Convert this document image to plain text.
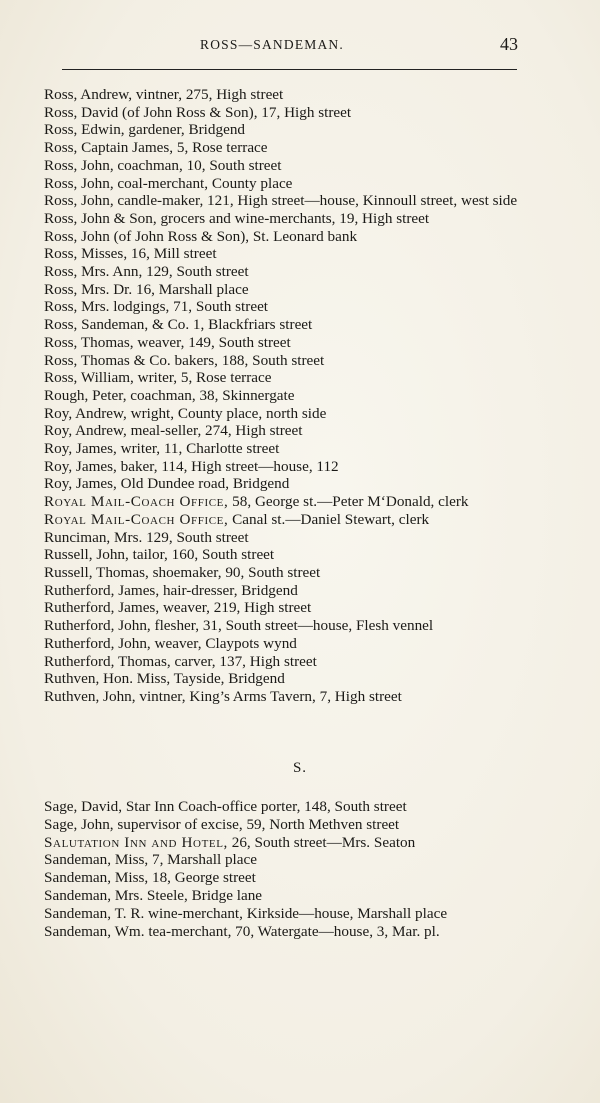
ROSS—SANDEMAN.	43
Ross, Andrew, vintner, 275, High street
Ross, David (of John Ross & Son), 17, High street
Ross, Edwin, gardener, Bridgend
Ross, Captain James, 5, Rose terrace
Ross, John, coachman, 10, South street
Ross, John, coal-merchant, County place
Ross, John, candle-maker, 121, High street—house, Kinnoull street, west side
Ross, John & Son, grocers and wine-merchants, 19, High street
Ross, John (of John Ross & Son), St. Leonard bank
Ross, Misses, 16, Mill street
Ross, Mrs. Ann, 129, South street
Ross, Mrs. Dr. 16, Marshall place
Ross, Mrs. lodgings, 71, South street
Ross, Sandeman, & Co. 1, Blackfriars street
Ross, Thomas, weaver, 149, South street
Ross, Thomas & Co. bakers, 188, South street
Ross, William, writer, 5, Rose terrace
Rough, Peter, coachman, 38, Skinnergate
Roy, Andrew, wright, County place, north side
Roy, Andrew, meal-seller, 274, High street
Roy, James, writer, 11, Charlotte street
Roy, James, baker, 114, High street—house, 112
Roy, James, Old Dundee road, Bridgend
Royal Mail-Coach Office, 58, George st.—Peter M‘Donald, clerk
Royal Mail-Coach Office, Canal st.—Daniel Stewart, clerk
Runciman, Mrs. 129, South street
Russell, John, tailor, 160, South street
Russell, Thomas, shoemaker, 90, South street
Rutherford, James, hair-dresser, Bridgend
Rutherford, James, weaver, 219, High street
Rutherford, John, flesher, 31, South street—house, Flesh vennel
Rutherford, John, weaver, Claypots wynd
Rutherford, Thomas, carver, 137, High street
Ruthven, Hon. Miss, Tayside, Bridgend
Ruthven, John, vintner, King’s Arms Tavern, 7, High street
S.
Sage, David, Star Inn Coach-office porter, 148, South street
Sage, John, supervisor of excise, 59, North Methven street
Salutation Inn and Hotel, 26, South street—Mrs. Seaton
Sandeman, Miss, 7, Marshall place
Sandeman, Miss, 18, George street
Sandeman, Mrs. Steele, Bridge lane
Sandeman, T. R. wine-merchant, Kirkside—house, Marshall place
Sandeman, Wm. tea-merchant, 70, Watergate—house, 3, Mar. pl.
